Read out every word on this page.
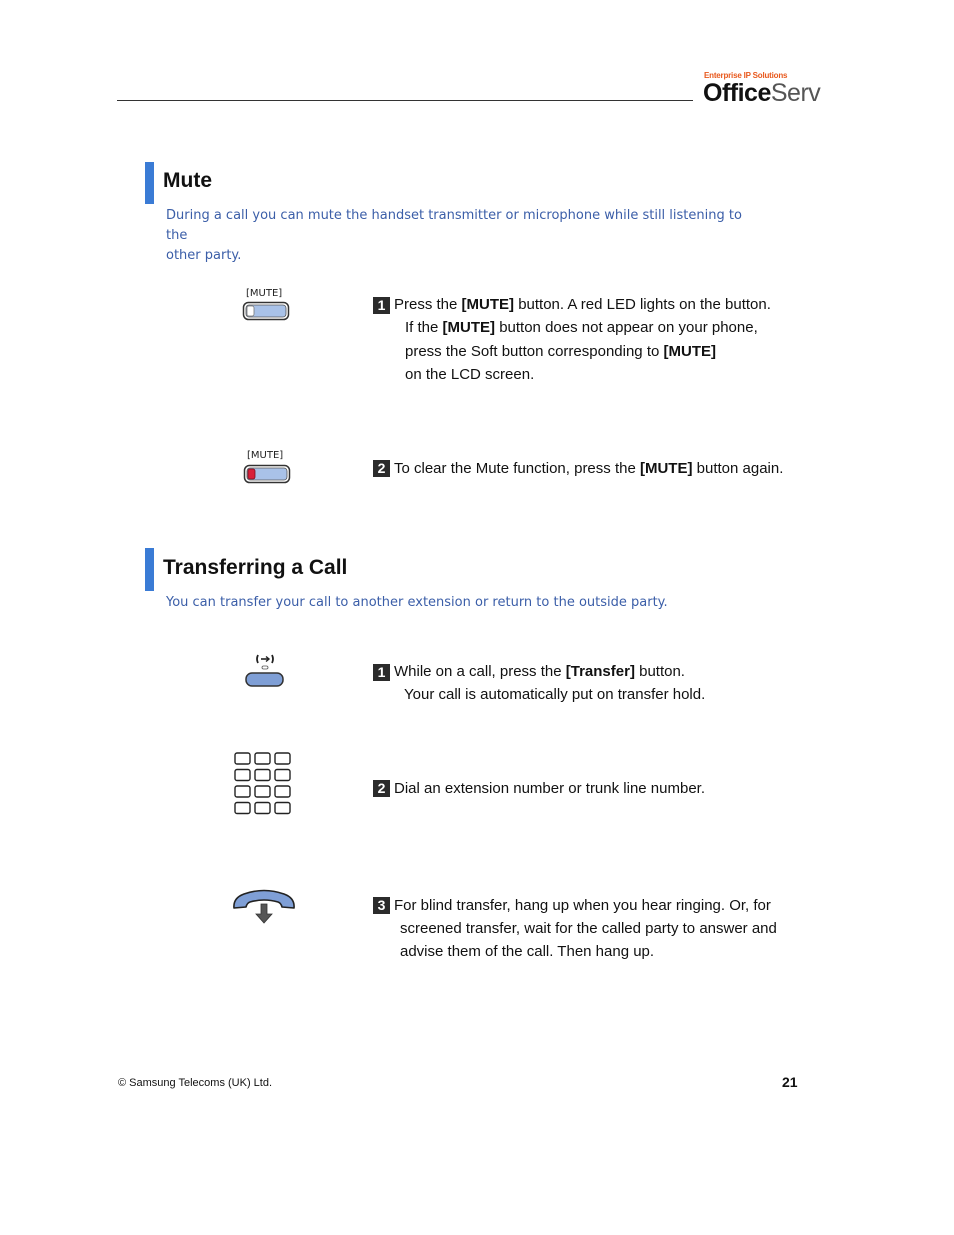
Enterprise IP Solutions
OfficeServ
Mute
During a call you can mute the handset transmitter or microphone while still listening to the
other party.
[MUTE]
1 Press the [MUTE] button. A red LED lights on the button.
If the [MUTE] button does not appear on your phone,
press the Soft button corresponding to [MUTE]
on the LCD screen.
[MUTE]
2 To clear the Mute function, press the [MUTE] button again.
Transferring a Call
You can transfer your call to another extension or return to the outside party.
1 While on a call, press the [Transfer] button.
Your call is automatically put on transfer hold.
2 Dial an extension number or trunk line number.
3 For blind transfer, hang up when you hear ringing. Or, for
screened transfer, wait for the called party to answer and
advise them of the call. Then hang up.
© Samsung Telecoms (UK) Ltd.	21
